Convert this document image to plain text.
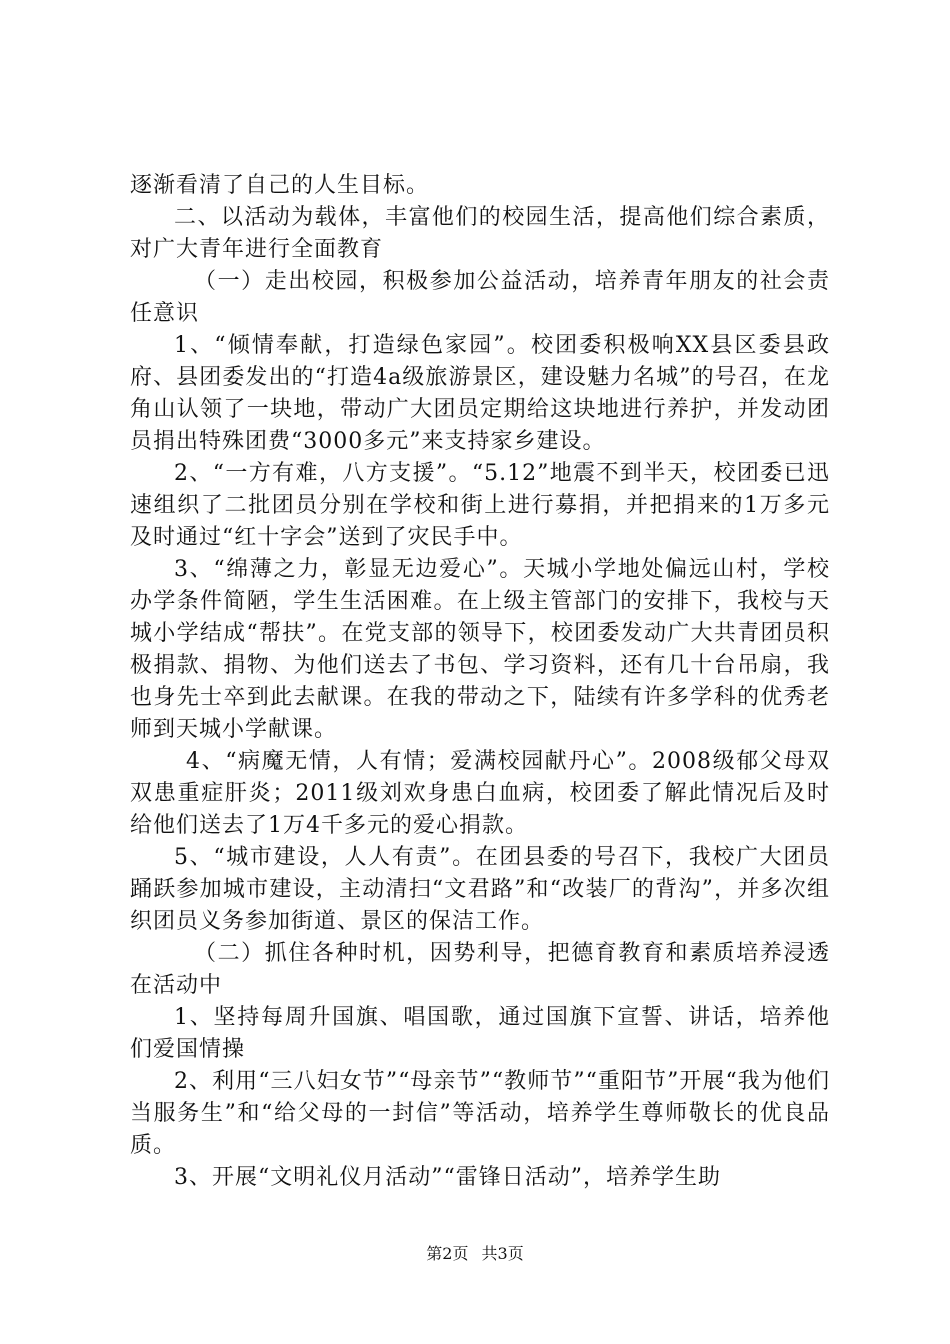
逐渐看清了自己的人生目标。

二、以活动为载体，丰富他们的校园生活，提高他们综合素质，对广大青年进行全面教育

（一）走出校园，积极参加公益活动，培养青年朋友的社会责任意识

1、“倾情奉献，打造绿色家园”。校团委积极响XX县区委县政府、县团委发出的“打造4a级旅游景区，建设魅力名城”的号召，在龙角山认领了一块地，带动广大团员定期给这块地进行养护，并发动团员捐出特殊团费“3000多元”来支持家乡建设。

2、“一方有难，八方支援”。“5.12”地震不到半天，校团委已迅速组织了二批团员分别在学校和街上进行募捐，并把捐来的1万多元及时通过“红十字会”送到了灾民手中。

3、“绵薄之力，彰显无边爱心”。天城小学地处偏远山村，学校办学条件简陋，学生生活困难。在上级主管部门的安排下，我校与天城小学结成“帮扶”。在党支部的领导下，校团委发动广大共青团员积极捐款、捐物、为他们送去了书包、学习资料，还有几十台吊扇，我也身先士卒到此去献课。在我的带动之下，陆续有许多学科的优秀老师到天城小学献课。

4、“病魔无情，人有情；爱满校园献丹心”。2008级郁父母双双患重症肝炎；2011级刘欢身患白血病，校团委了解此情况后及时给他们送去了1万4千多元的爱心捐款。

5、“城市建设，人人有责”。在团县委的号召下，我校广大团员踊跃参加城市建设，主动清扫“文君路”和“改装厂的背沟”，并多次组织团员义务参加街道、景区的保洁工作。

（二）抓住各种时机，因势利导，把德育教育和素质培养浸透在活动中

1、坚持每周升国旗、唱国歌，通过国旗下宣誓、讲话，培养他们爱国情操

2、利用“三八妇女节”“母亲节”“教师节”“重阳节”开展“我为他们当服务生”和“给父母的一封信”等活动，培养学生尊师敬长的优良品质。

3、开展“文明礼仪月活动”“雷锋日活动”，培养学生助

第2页 共3页
